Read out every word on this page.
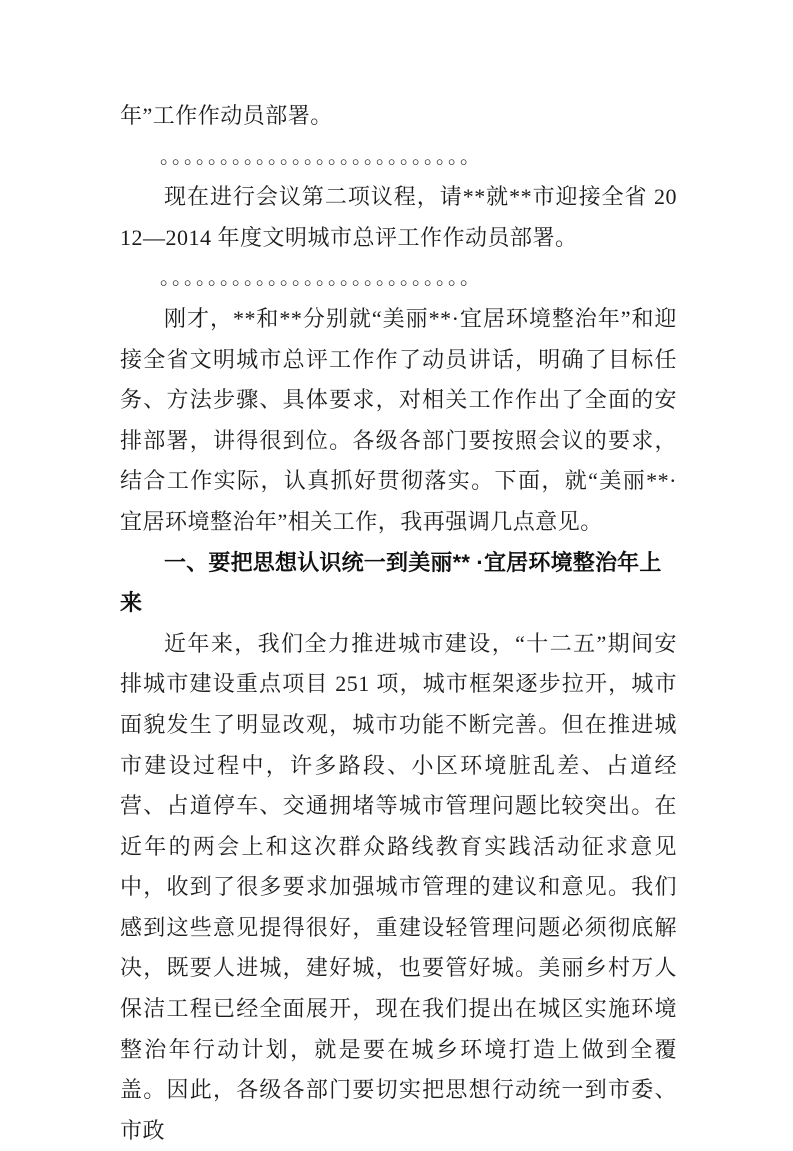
年”工作作动员部署。
｡｡｡｡｡｡｡｡｡｡｡｡｡｡｡｡｡｡｡｡｡｡｡｡｡｡
现在进行会议第二项议程，请**就**市迎接全省 2012—2014 年度文明城市总评工作作动员部署。
｡｡｡｡｡｡｡｡｡｡｡｡｡｡｡｡｡｡｡｡｡｡｡｡｡｡
刚才，**和**分别就“美丽**·宜居环境整治年”和迎接全省文明城市总评工作作了动员讲话，明确了目标任务、方法步骤、具体要求，对相关工作作出了全面的安排部署，讲得很到位。各级各部门要按照会议的要求，结合工作实际，认真抓好贯彻落实。下面，就“美丽**·宜居环境整治年”相关工作，我再强调几点意见。
一、要把思想认识统一到美丽** ·宜居环境整治年上来
近年来，我们全力推进城市建设，“十二五”期间安排城市建设重点项目 251 项，城市框架逐步拉开，城市面貌发生了明显改观，城市功能不断完善。但在推进城市建设过程中，许多路段、小区环境脏乱差、占道经营、占道停车、交通拥堵等城市管理问题比较突出。在近年的两会上和这次群众路线教育实践活动征求意见中，收到了很多要求加强城市管理的建议和意见。我们感到这些意见提得很好，重建设轻管理问题必须彻底解决，既要人进城，建好城，也要管好城。美丽乡村万人保洁工程已经全面展开，现在我们提出在城区实施环境整治年行动计划，就是要在城乡环境打造上做到全覆盖。因此，各级各部门要切实把思想行动统一到市委、市政
